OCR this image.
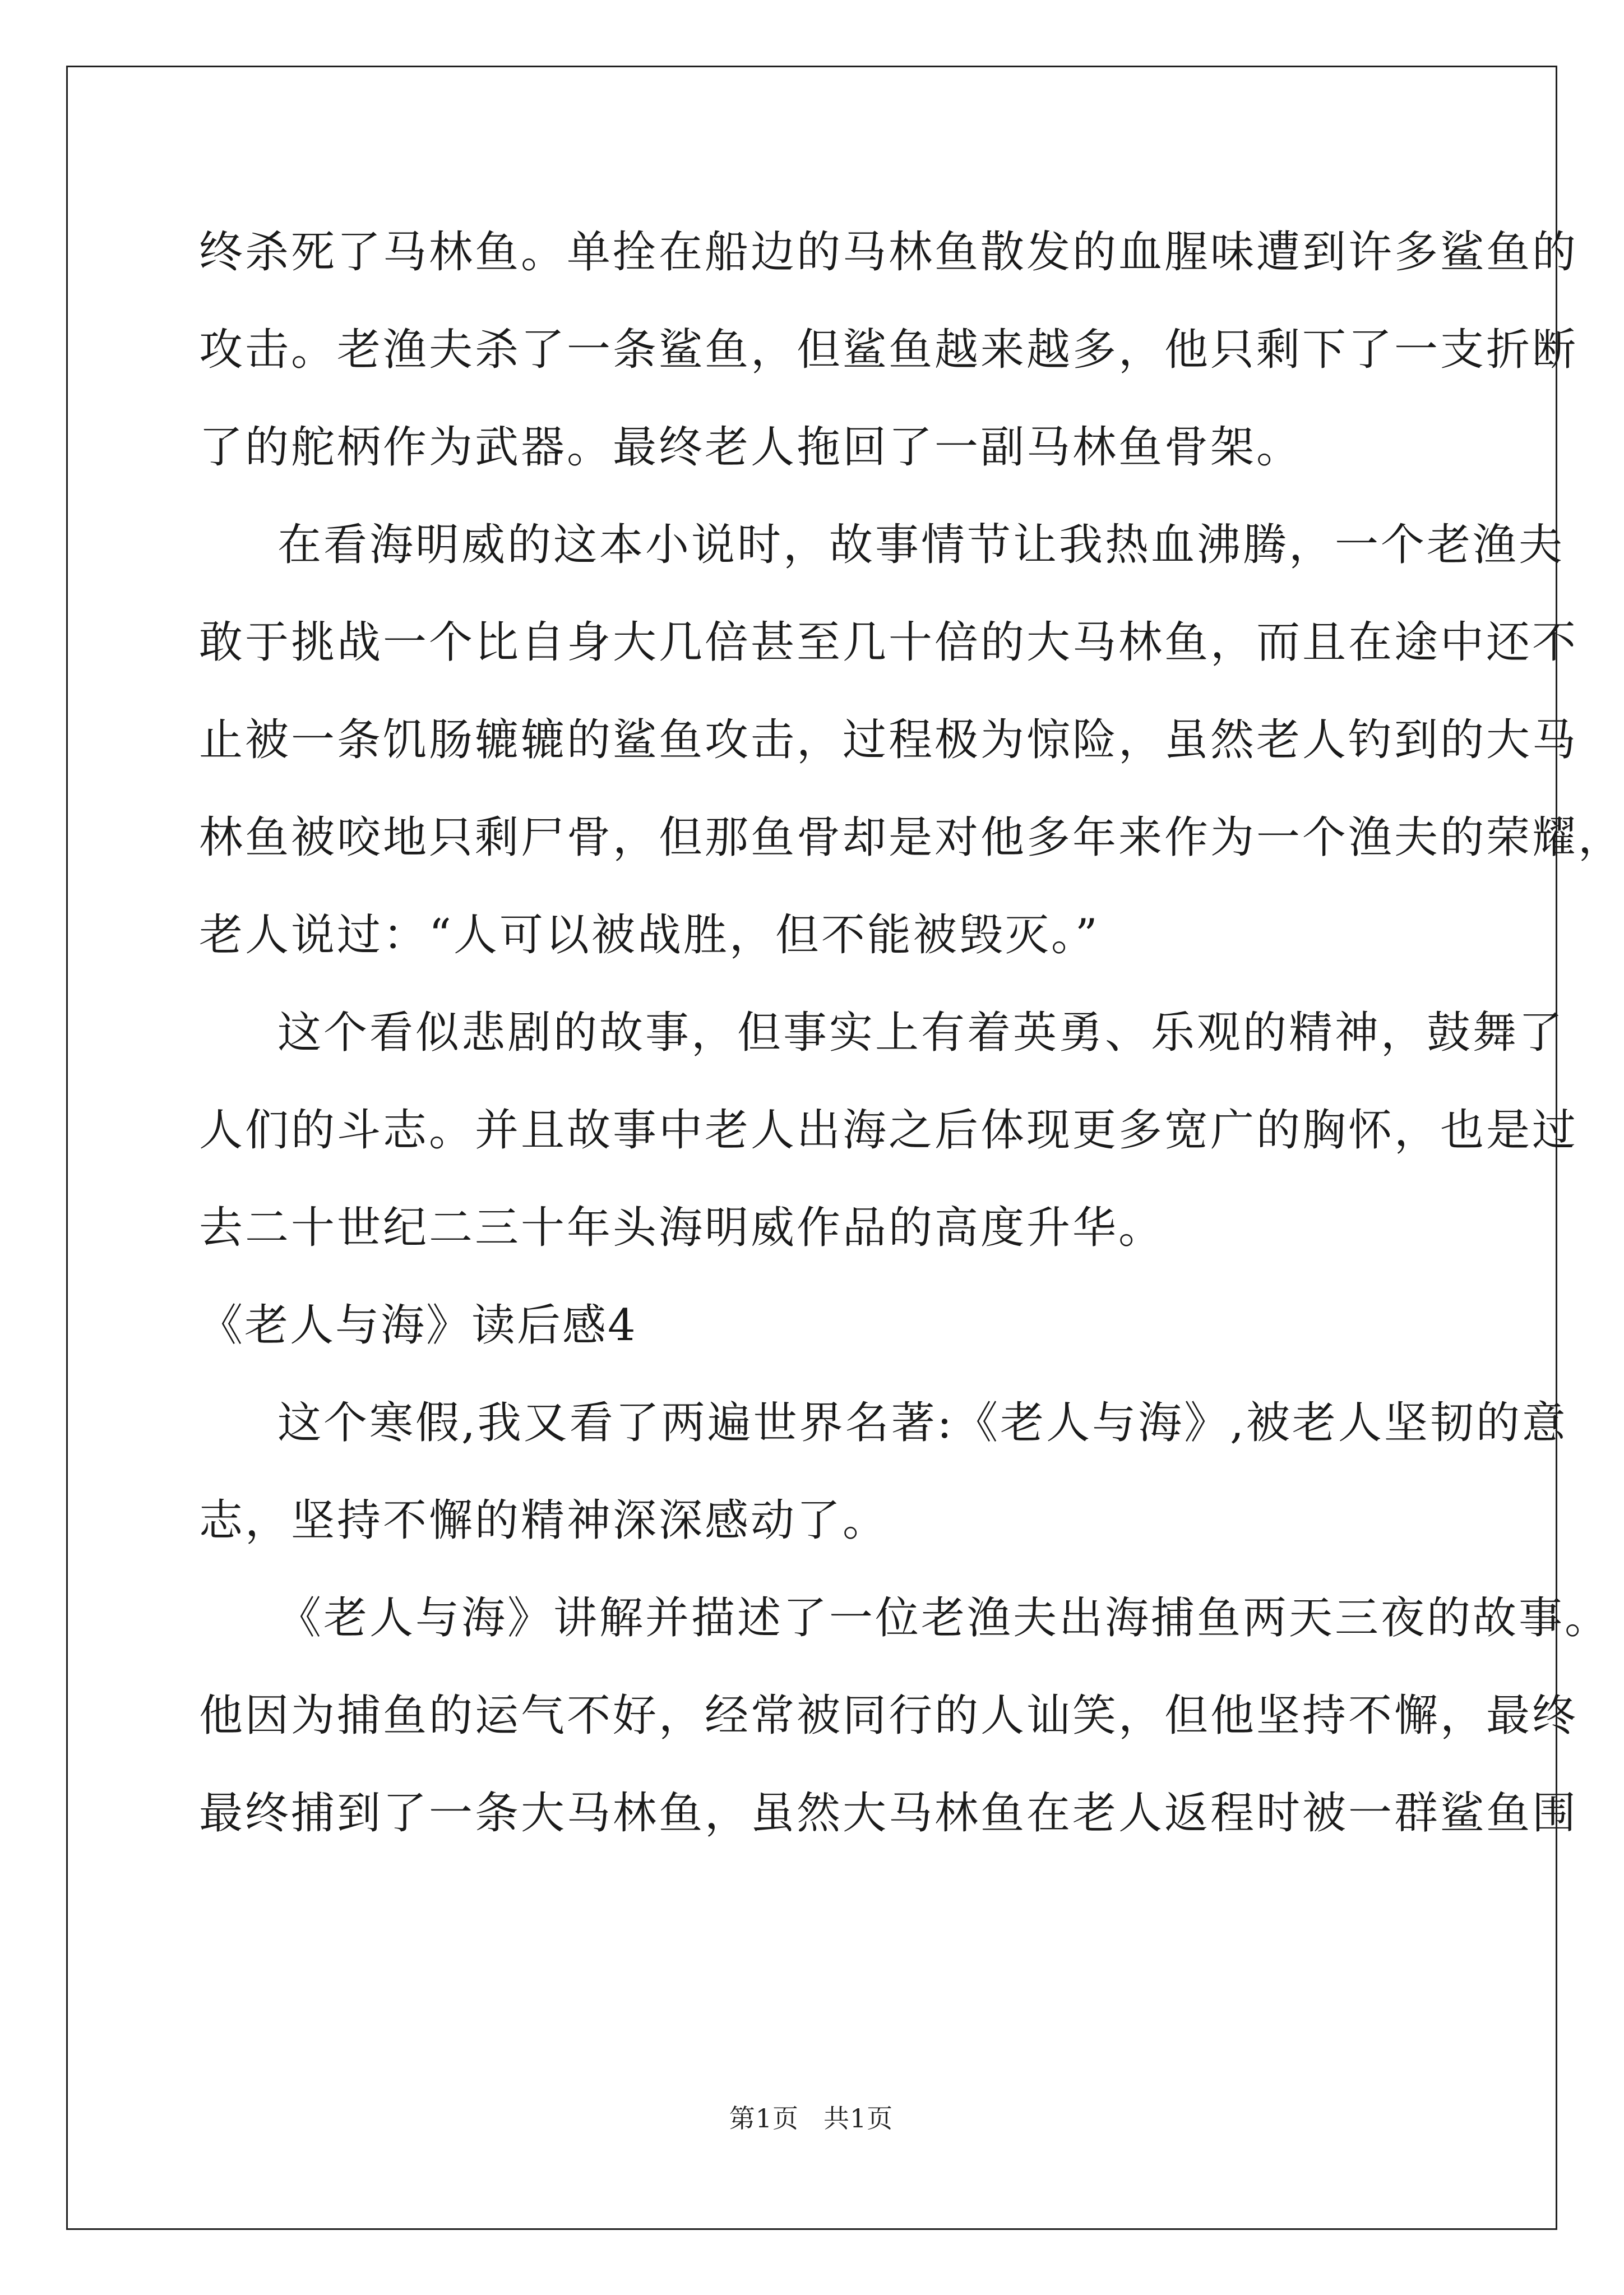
终杀死了马林鱼。单拴在船边的马林鱼散发的血腥味遭到许多鲨鱼的
攻击。老渔夫杀了一条鲨鱼，但鲨鱼越来越多，他只剩下了一支折断
了的舵柄作为武器。最终老人拖回了一副马林鱼骨架。
在看海明威的这本小说时，故事情节让我热血沸腾，一个老渔夫
敢于挑战一个比自身大几倍甚至几十倍的大马林鱼，而且在途中还不
止被一条饥肠辘辘的鲨鱼攻击，过程极为惊险，虽然老人钓到的大马
林鱼被咬地只剩尸骨，但那鱼骨却是对他多年来作为一个渔夫的荣耀，
老人说过：“人可以被战胜，但不能被毁灭。”
这个看似悲剧的故事，但事实上有着英勇、乐观的精神，鼓舞了
人们的斗志。并且故事中老人出海之后体现更多宽广的胸怀，也是过
去二十世纪二三十年头海明威作品的高度升华。
《老人与海》读后感4
这个寒假,我又看了两遍世界名著:《老人与海》,被老人坚韧的意
志，坚持不懈的精神深深感动了。
《老人与海》讲解并描述了一位老渔夫出海捕鱼两天三夜的故事。
他因为捕鱼的运气不好，经常被同行的人讪笑，但他坚持不懈，最终
最终捕到了一条大马林鱼，虽然大马林鱼在老人返程时被一群鲨鱼围
第1页 共1页
